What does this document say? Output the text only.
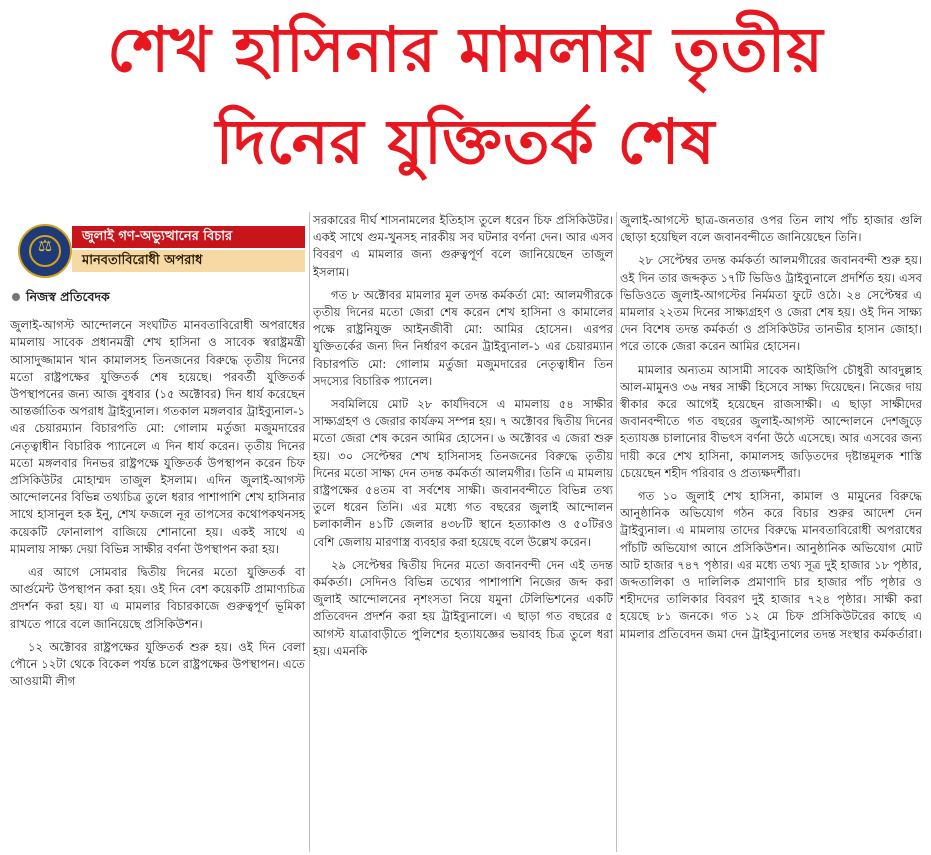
শেখ হাসিনার মামলায় তৃতীয়
দিনের যুক্তিতর্ক শেষ
⚖	জুলাই গণ-অভ্যুত্থানের বিচার
মানবতাবিরোধী অপরাধ
নিজস্ব প্রতিবেদক

জুলাই-আগস্ট আন্দোলনে সংঘটিত মানবতাবিরোধী অপরাধের মামলায় সাবেক প্রধানমন্ত্রী শেখ হাসিনা ও সাবেক স্বরাষ্ট্রমন্ত্রী আসাদুজ্জামান খান কামালসহ তিনজনের বিরুদ্ধে তৃতীয় দিনের মতো রাষ্ট্রপক্ষের যুক্তিতর্ক শেষ হয়েছে। পরবর্তী যুক্তিতর্ক উপস্থাপনের জন্য আজ বুধবার (১৫ অক্টোবর) দিন ধার্য করেছেন আন্তর্জাতিক অপরাধ ট্রাইব্যুনাল। গতকাল মঙ্গলবার ট্রাইব্যুনাল-১ এর চেয়ারম্যান বিচারপতি মো: গোলাম মর্তুজা মজুমদারের নেতৃত্বাধীন বিচারিক প্যানেলে এ দিন ধার্য করেন। তৃতীয় দিনের মতো মঙ্গলবার দিনভর রাষ্ট্রপক্ষে যুক্তিতর্ক উপস্থাপন করেন চিফ প্রসিকিউটর মোহাম্মদ তাজুল ইসলাম। এদিন জুলাই-আগস্ট আন্দোলনের বিভিন্ন তথ্যচিত্র তুলে ধরার পাশাপাশি শেখ হাসিনার সাথে হাসানুল হক ইনু, শেখ ফজলে নূর তাপসের কথোপকথনসহ কয়েকটি ফোনালাপ বাজিয়ে শোনানো হয়। একই সাথে এ মামলায় সাক্ষ্য দেয়া বিভিন্ন সাক্ষীর বর্ণনা উপস্থাপন করা হয়।

এর আগে সোমবার দ্বিতীয় দিনের মতো যুক্তিতর্ক বা আর্গুমেন্ট উপস্থাপন করা হয়। ওই দিন বেশ কয়েকটি প্রামাণ্যচিত্র প্রদর্শন করা হয়। যা এ মামলার বিচারকাজে গুরুত্বপূর্ণ ভূমিকা রাখতে পারে বলে জানিয়েছে প্রসিকিউশন।

১২ অক্টোবর রাষ্ট্রপক্ষের যুক্তিতর্ক শুরু হয়। ওই দিন বেলা পৌনে ১২টা থেকে বিকেল পর্যন্ত চলে রাষ্ট্রপক্ষের উপস্থাপন। এতে আওয়ামী লীগ

সরকারের দীর্ঘ শাসনামলের ইতিহাস তুলে ধরেন চিফ প্রসিকিউটর। একই সাথে গুম-খুনসহ নারকীয় সব ঘটনার বর্ণনা দেন। আর এসব বিবরণ এ মামলার জন্য গুরুত্বপূর্ণ বলে জানিয়েছেন তাজুল ইসলাম।

গত ৮ অক্টোবর মামলার মূল তদন্ত কর্মকর্তা মো: আলমগীরকে তৃতীয় দিনের মতো জেরা শেষ করেন শেখ হাসিনা ও কামালের পক্ষে রাষ্ট্রনিযুক্ত আইনজীবী মো: আমির হোসেন। এরপর যুক্তিতর্কের জন্য দিন নির্ধারণ করেন ট্রাইব্যুনাল-১ এর চেয়ারম্যান বিচারপতি মো: গোলাম মর্তুজা মজুমদারের নেতৃত্বাধীন তিন সদস্যের বিচারিক প্যানেল।

সবমিলিয়ে মোট ২৮ কার্যদিবসে এ মামলায় ৫৪ সাক্ষীর সাক্ষ্যগ্রহণ ও জেরার কার্যক্রম সম্পন্ন হয়। ৭ অক্টোবর দ্বিতীয় দিনের মতো জেরা শেষ করেন আমির হোসেন। ৬ অক্টোবর এ জেরা শুরু হয়। ৩০ সেপ্টেম্বর শেখ হাসিনাসহ তিনজনের বিরুদ্ধে তৃতীয় দিনের মতো সাক্ষ্য দেন তদন্ত কর্মকর্তা আলমগীর। তিনি এ মামলায় রাষ্ট্রপক্ষের ৫৪তম বা সর্বশেষ সাক্ষী। জবানবন্দীতে বিভিন্ন তথ্য তুলে ধরেন তিনি। এর মধ্যে গত বছরের জুলাই আন্দোলন চলাকালীন ৪১টি জেলার ৪৩৮টি স্থানে হত্যাকাণ্ড ও ৫০টিরও বেশি জেলায় মারণাস্ত্র ব্যবহার করা হয়েছে বলে উল্লেখ করেন।

২৯ সেপ্টেম্বর দ্বিতীয় দিনের মতো জবানবন্দী দেন এই তদন্ত কর্মকর্তা। সেদিনও বিভিন্ন তথ্যের পাশাপাশি নিজের জব্দ করা জুলাই আন্দোলনের নৃশংসতা নিয়ে যমুনা টেলিভিশনের একটি প্রতিবেদন প্রদর্শন করা হয় ট্রাইব্যুনালে। এ ছাড়া গত বছরের ৫ আগস্ট যাত্রাবাড়ীতে পুলিশের হত্যাযজ্ঞের ভয়াবহ চিত্র তুলে ধরা হয়। এমনকি

জুলাই-আগস্টে ছাত্র-জনতার ওপর তিন লাখ পাঁচ হাজার গুলি ছোড়া হয়েছিল বলে জবানবন্দীতে জানিয়েছেন তিনি।

২৮ সেপ্টেম্বর তদন্ত কর্মকর্তা আলমগীরের জবানবন্দী শুরু হয়। ওই দিন তার জব্দকৃত ১৭টি ভিডিও ট্রাইব্যুনালে প্রদর্শিত হয়। এসব ভিডিওতে জুলাই-আগস্টের নির্মমতা ফুটে ওঠে। ২৪ সেপ্টেম্বর এ মামলার ২২তম দিনের সাক্ষ্যগ্রহণ ও জেরা শেষ হয়। ওই দিন সাক্ষ্য দেন বিশেষ তদন্ত কর্মকর্তা ও প্রসিকিউটর তানভীর হাসান জোহা। পরে তাকে জেরা করেন আমির হোসেন।

মামলার অন্যতম আসামী সাবেক আইজিপি চৌধুরী আবদুল্লাহ আল-মামুনও ৩৬ নম্বর সাক্ষী হিসেবে সাক্ষ্য দিয়েছেন। নিজের দায় স্বীকার করে আগেই হয়েছেন রাজসাক্ষী। এ ছাড়া সাক্ষীদের জবানবন্দীতে গত বছরের জুলাই-আগস্ট আন্দোলনে দেশজুড়ে হত্যাযজ্ঞ চালানোর বীভৎস বর্ণনা উঠে এসেছে। আর এসবের জন্য দায়ী করে শেখ হাসিনা, কামালসহ জড়িতদের দৃষ্টান্তমূলক শাস্তি চেয়েছেন শহীদ পরিবার ও প্রত্যক্ষদর্শীরা।

গত ১০ জুলাই শেখ হাসিনা, কামাল ও মামুনের বিরুদ্ধে আনুষ্ঠানিক অভিযোগ গঠন করে বিচার শুরুর আদেশ দেন ট্রাইব্যুনাল। এ মামলায় তাদের বিরুদ্ধে মানবতাবিরোধী অপরাধের পাঁচটি অভিযোগ আনে প্রসিকিউশন। আনুষ্ঠানিক অভিযোগ মোট আট হাজার ৭৪৭ পৃষ্ঠার। এর মধ্যে তথ্য সূত্র দুই হাজার ১৮ পৃষ্ঠার, জব্দতালিকা ও দালিলিক প্রমাণাদি চার হাজার পাঁচ পৃষ্ঠার ও শহীদদের তালিকার বিবরণ দুই হাজার ৭২৪ পৃষ্ঠার। সাক্ষী করা হয়েছে ৮১ জনকে। গত ১২ মে চিফ প্রসিকিউটরের কাছে এ মামলার প্রতিবেদন জমা দেন ট্রাইব্যুনালের তদন্ত সংস্থার কর্মকর্তারা।
